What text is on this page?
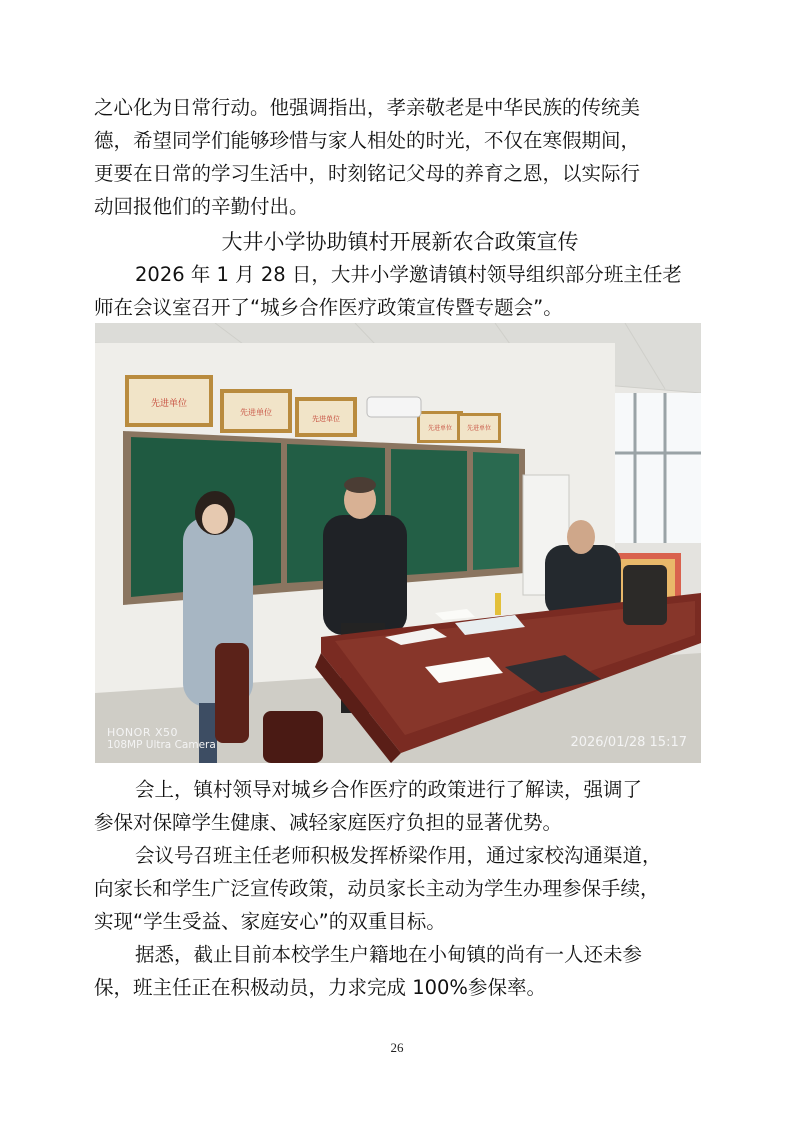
之心化为日常行动。他强调指出，孝亲敬老是中华民族的传统美

德，希望同学们能够珍惜与家人相处的时光，不仅在寒假期间，

更要在日常的学习生活中，时刻铭记父母的养育之恩，以实际行

动回报他们的辛勤付出。

大井小学协助镇村开展新农合政策宣传

2026 年 1 月 28 日，大井小学邀请镇村领导组织部分班主任老

师在会议室召开了“城乡合作医疗政策宣传暨专题会”。

先进单位
先进单位
先进单位
先进单位 先进单位
HONOR X50
108MP Ultra Camera	2026/01/28 15:17

会上，镇村领导对城乡合作医疗的政策进行了解读，强调了

参保对保障学生健康、减轻家庭医疗负担的显著优势。

会议号召班主任老师积极发挥桥梁作用，通过家校沟通渠道，

向家长和学生广泛宣传政策，动员家长主动为学生办理参保手续，

实现“学生受益、家庭安心”的双重目标。

据悉，截止目前本校学生户籍地在小甸镇的尚有一人还未参

保，班主任正在积极动员，力求完成 100%参保率。

26
